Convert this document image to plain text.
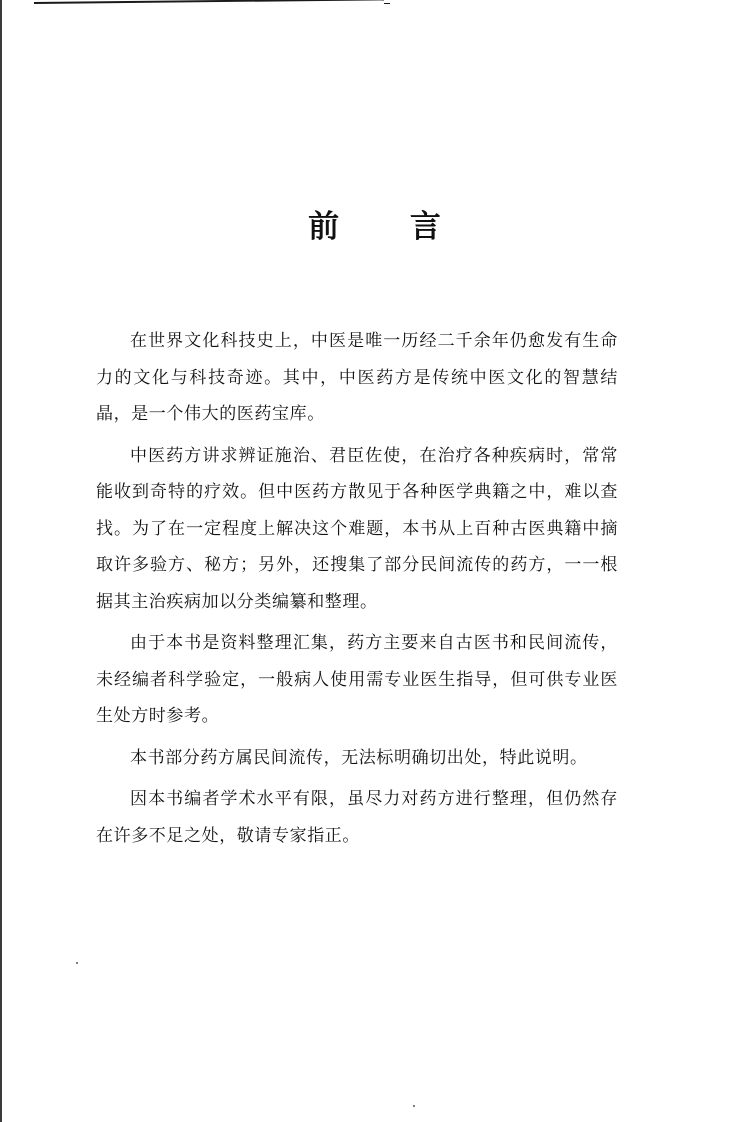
前 言

在世界文化科技史上，中医是唯一历经二千余年仍愈发有生命力的文化与科技奇迹。其中，中医药方是传统中医文化的智慧结晶，是一个伟大的医药宝库。

中医药方讲求辨证施治、君臣佐使，在治疗各种疾病时，常常能收到奇特的疗效。但中医药方散见于各种医学典籍之中，难以查找。为了在一定程度上解决这个难题，本书从上百种古医典籍中摘取许多验方、秘方；另外，还搜集了部分民间流传的药方，一一根据其主治疾病加以分类编纂和整理。

由于本书是资料整理汇集，药方主要来自古医书和民间流传，未经编者科学验定，一般病人使用需专业医生指导，但可供专业医生处方时参考。

本书部分药方属民间流传，无法标明确切出处，特此说明。

因本书编者学术水平有限，虽尽力对药方进行整理，但仍然存在许多不足之处，敬请专家指正。
